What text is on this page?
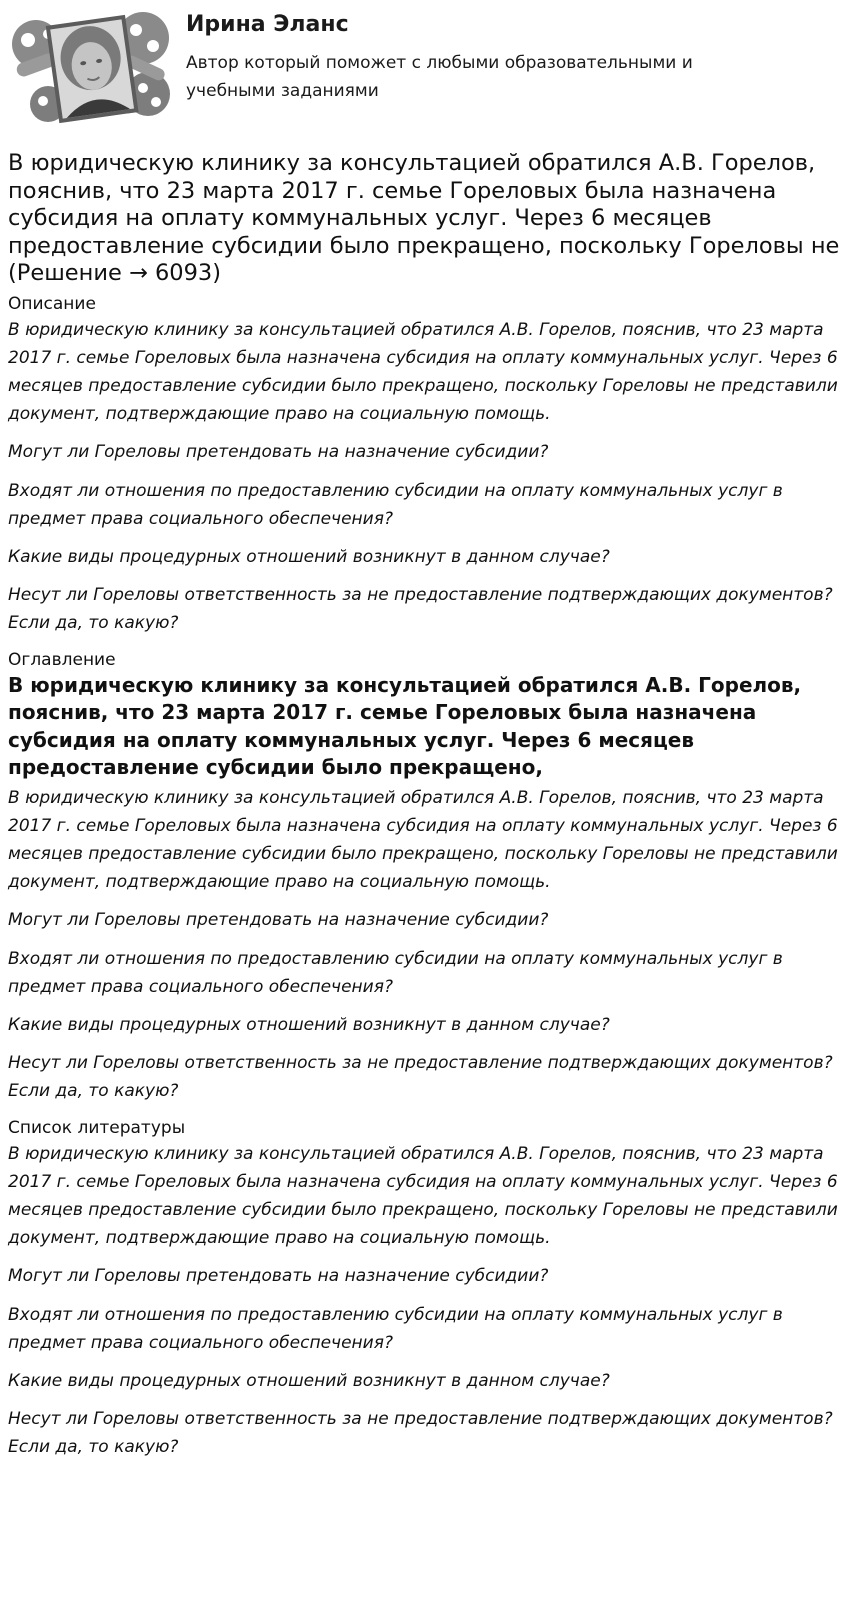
Ирина Эланс
Автор который поможет с любыми образовательными и учебными заданиями
В юридическую клинику за консультацией обратился А.В. Горелов, пояснив, что 23 марта 2017 г. семье Гореловых была назначена субсидия на оплату коммунальных услуг. Через 6 месяцев предоставление субсидии было прекращено, поскольку Гореловы не (Решение → 6093)
Описание

В юридическую клинику за консультацией обратился А.В. Горелов, пояснив, что 23 марта 2017 г. семье Гореловых была назначена субсидия на оплату коммунальных услуг. Через 6 месяцев предоставление субсидии было прекращено, поскольку Гореловы не представили документ, подтверждающие право на социальную помощь.

Могут ли Гореловы претендовать на назначение субсидии?

Входят ли отношения по предоставлению субсидии на оплату коммунальных услуг в предмет права социального обеспечения?

Какие виды процедурных отношений возникнут в данном случае?

Несут ли Гореловы ответственность за не предоставление подтверждающих документов? Если да, то какую?

Оглавление
В юридическую клинику за консультацией обратился А.В. Горелов, пояснив, что 23 марта 2017 г. семье Гореловых была назначена субсидия на оплату коммунальных услуг. Через 6 месяцев предоставление субсидии было прекращено,

В юридическую клинику за консультацией обратился А.В. Горелов, пояснив, что 23 марта 2017 г. семье Гореловых была назначена субсидия на оплату коммунальных услуг. Через 6 месяцев предоставление субсидии было прекращено, поскольку Гореловы не представили документ, подтверждающие право на социальную помощь.

Могут ли Гореловы претендовать на назначение субсидии?

Входят ли отношения по предоставлению субсидии на оплату коммунальных услуг в предмет права социального обеспечения?

Какие виды процедурных отношений возникнут в данном случае?

Несут ли Гореловы ответственность за не предоставление подтверждающих документов? Если да, то какую?

Список литературы

В юридическую клинику за консультацией обратился А.В. Горелов, пояснив, что 23 марта 2017 г. семье Гореловых была назначена субсидия на оплату коммунальных услуг. Через 6 месяцев предоставление субсидии было прекращено, поскольку Гореловы не представили документ, подтверждающие право на социальную помощь.

Могут ли Гореловы претендовать на назначение субсидии?

Входят ли отношения по предоставлению субсидии на оплату коммунальных услуг в предмет права социального обеспечения?

Какие виды процедурных отношений возникнут в данном случае?

Несут ли Гореловы ответственность за не предоставление подтверждающих документов? Если да, то какую?
